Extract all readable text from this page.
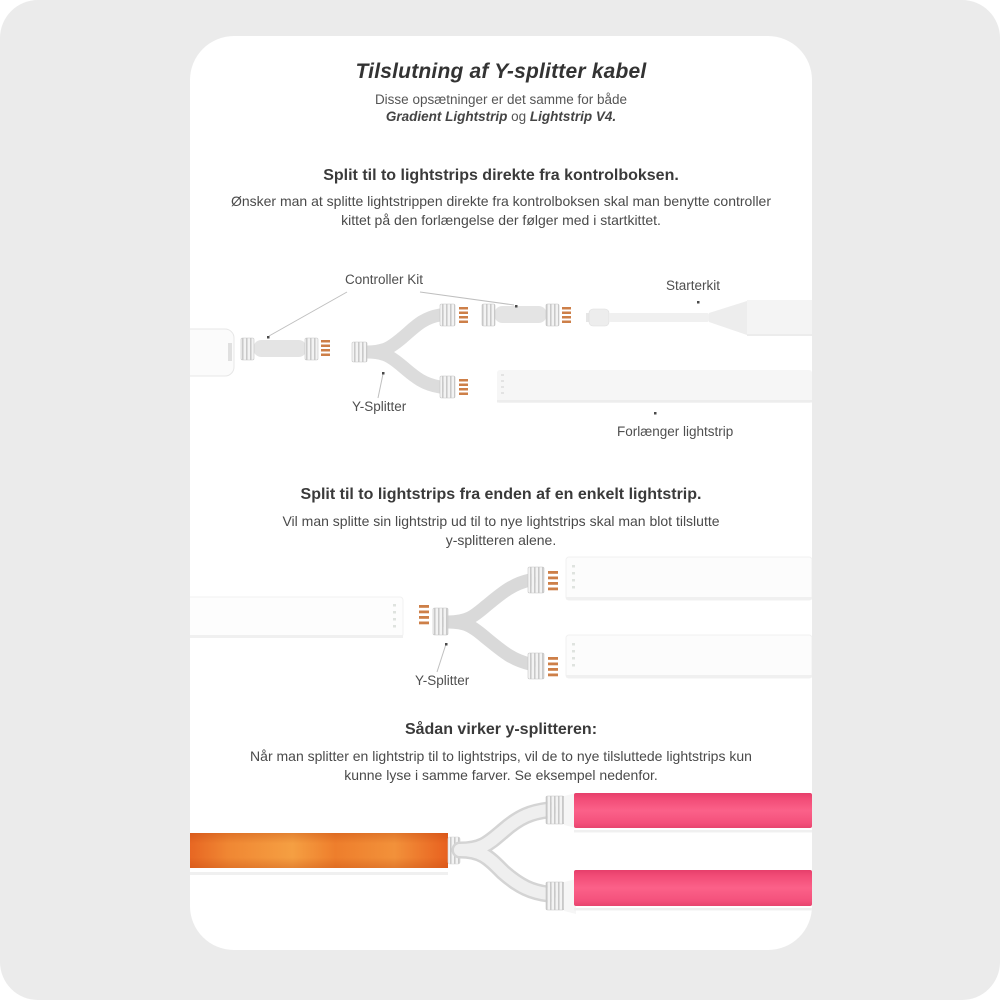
Tilslutning af Y-splitter kabel
Disse opsætninger er det samme for både
Gradient Lightstrip og Lightstrip V4.
Split til to lightstrips direkte fra kontrolboksen.
Ønsker man at splitte lightstrippen direkte fra kontrolboksen skal man benytte controller
kittet på den forlængelse der følger med i startkittet.
Controller Kit	Starterkit
Y-Splitter
Forlænger lightstrip
Split til to lightstrips fra enden af en enkelt lightstrip.
Vil man splitte sin lightstrip ud til to nye lightstrips skal man blot tilslutte
y-splitteren alene.
Y-Splitter
Sådan virker y-splitteren:
Når man splitter en lightstrip til to lightstrips, vil de to nye tilsluttede lightstrips kun
kunne lyse i samme farver. Se eksempel nedenfor.
